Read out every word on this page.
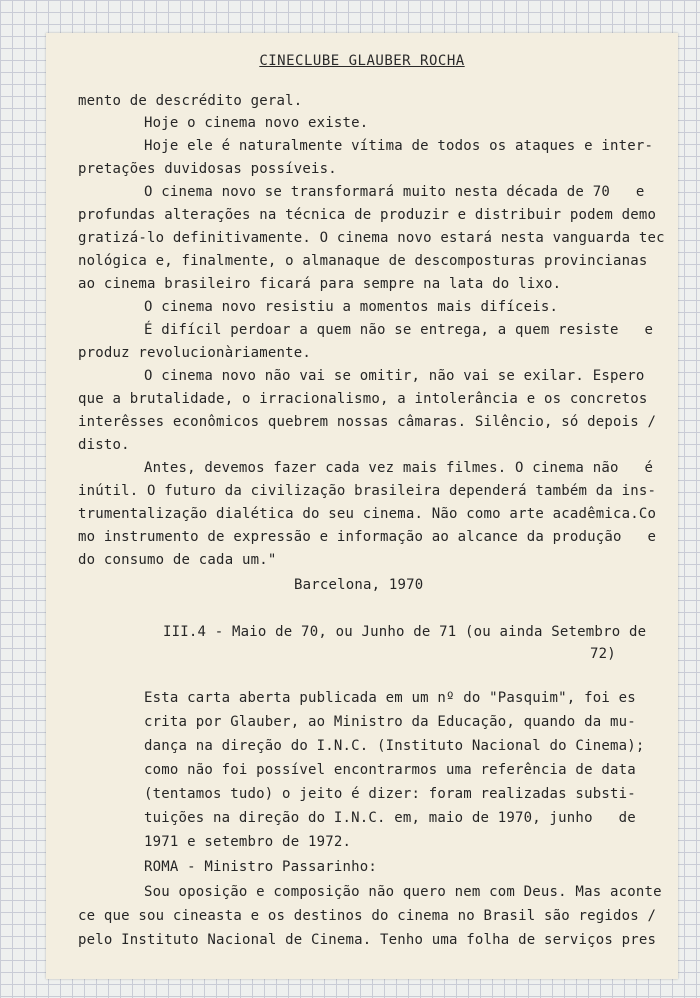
CINECLUBE GLAUBER ROCHA
mento de descrédito geral.
Hoje o cinema novo existe.
Hoje ele é naturalmente vítima de todos os ataques e inter-
pretações duvidosas possíveis.
O cinema novo se transformará muito nesta década de 70   e
profundas alterações na técnica de produzir e distribuir podem demo
gratizá-lo definitivamente. O cinema novo estará nesta vanguarda tec
nológica e, finalmente, o almanaque de descomposturas provincianas
ao cinema brasileiro ficará para sempre na lata do lixo.
O cinema novo resistiu a momentos mais difíceis.
É difícil perdoar a quem não se entrega, a quem resiste   e
produz revolucionàriamente.
O cinema novo não vai se omitir, não vai se exilar. Espero
que a brutalidade, o irracionalismo, a intolerância e os concretos
interêsses econômicos quebrem nossas câmaras. Silêncio, só depois /
disto.
Antes, devemos fazer cada vez mais filmes. O cinema não   é
inútil. O futuro da civilização brasileira dependerá também da ins-
trumentalização dialética do seu cinema. Não como arte acadêmica.Co
mo instrumento de expressão e informação ao alcance da produção   e
do consumo de cada um."
Barcelona, 1970
III.4 - Maio de 70, ou Junho de 71 (ou ainda Setembro de
72)
Esta carta aberta publicada em um nº do "Pasquim", foi es
crita por Glauber, ao Ministro da Educação, quando da mu-
dança na direção do I.N.C. (Instituto Nacional do Cinema);
como não foi possível encontrarmos uma referência de data
(tentamos tudo) o jeito é dizer: foram realizadas substi-
tuições na direção do I.N.C. em, maio de 1970, junho   de
1971 e setembro de 1972.
ROMA - Ministro Passarinho:
Sou oposição e composição não quero nem com Deus. Mas aconte
ce que sou cineasta e os destinos do cinema no Brasil são regidos /
pelo Instituto Nacional de Cinema. Tenho uma folha de serviços pres
